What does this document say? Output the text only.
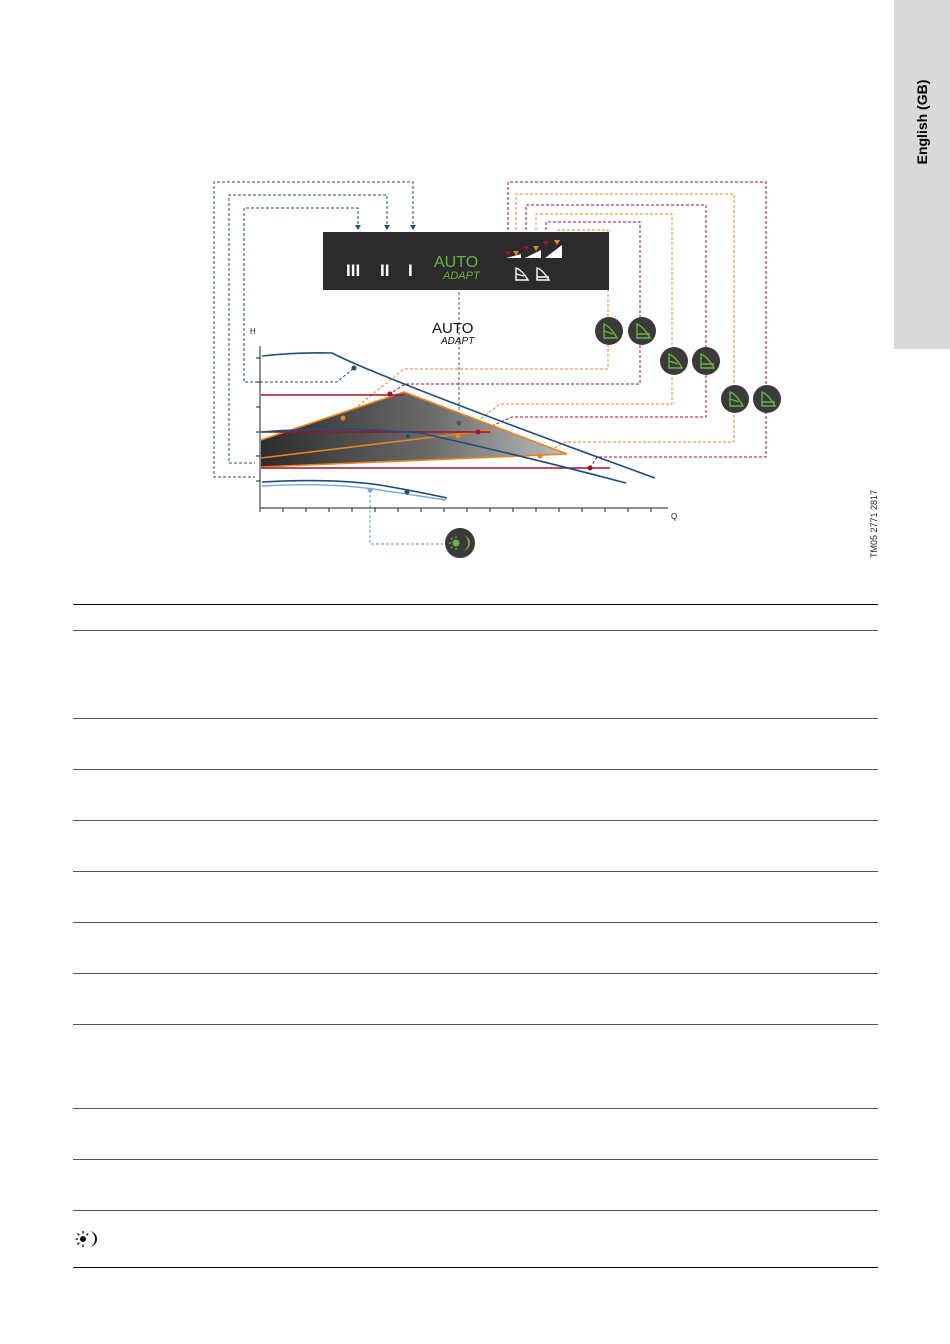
English (GB)
III II I AUTO
ADAPT
H
Q
AUTO
ADAPT
TM05 2771 2817
